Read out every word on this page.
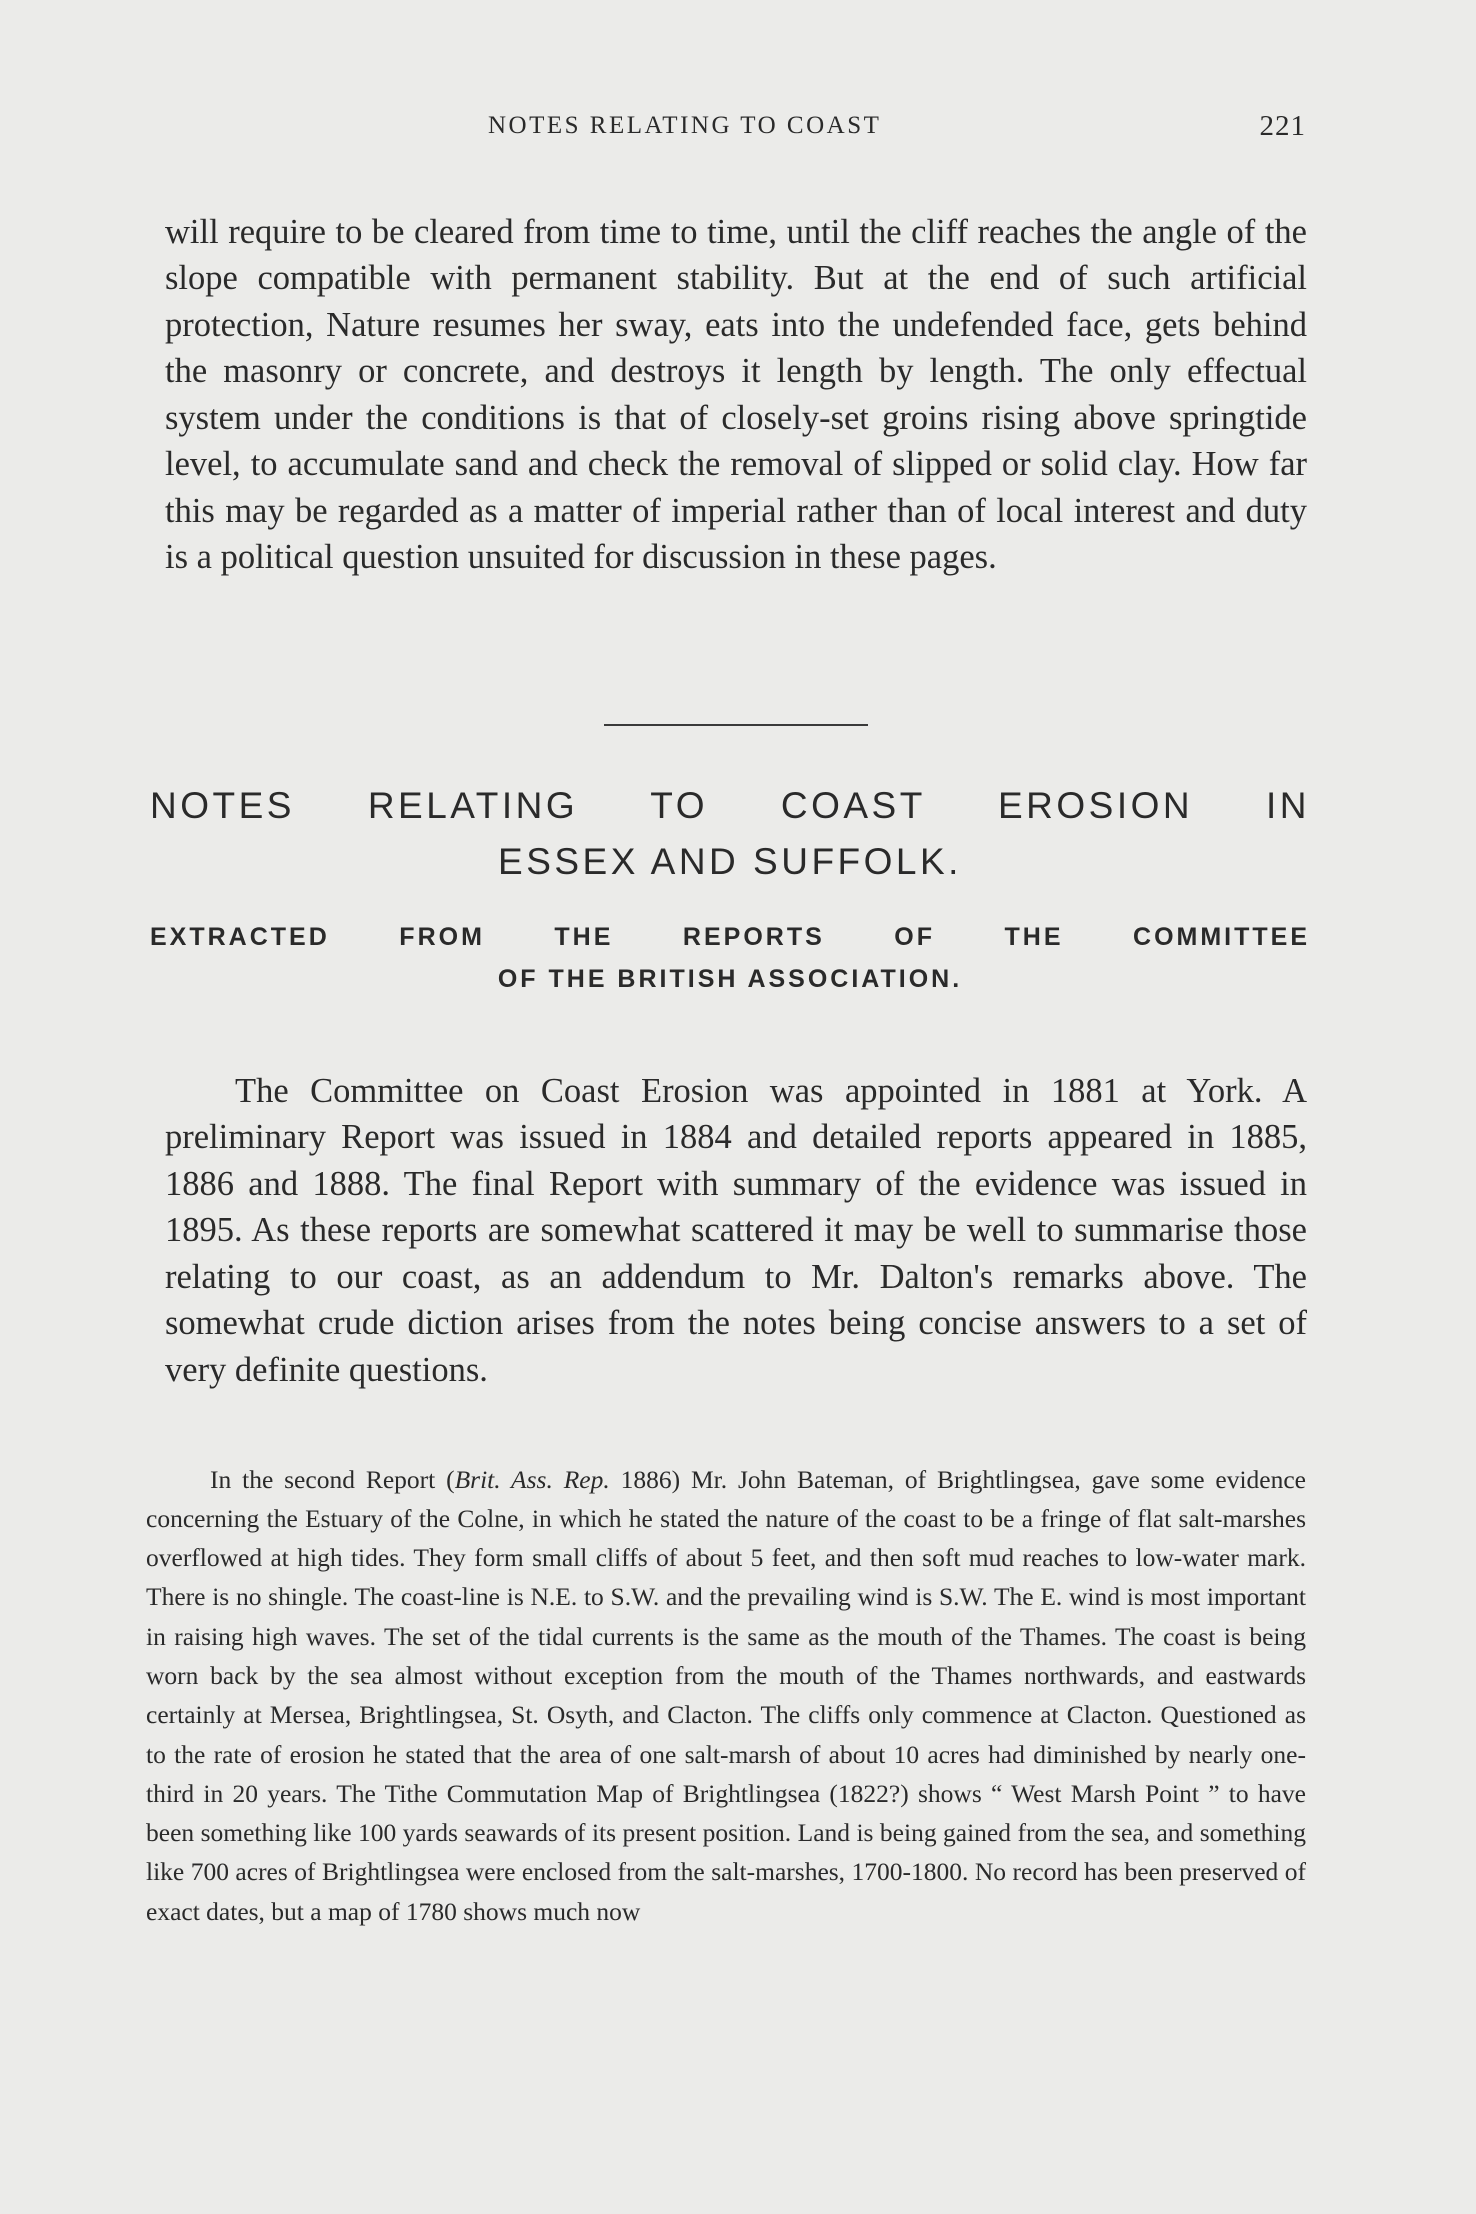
NOTES RELATING TO COAST	221

will require to be cleared from time to time, until the cliff reaches the angle of the slope compatible with permanent stability. But at the end of such artificial protection, Nature resumes her sway, eats into the undefended face, gets behind the masonry or concrete, and destroys it length by length. The only effectual system under the conditions is that of closely-set groins rising above springtide level, to accumulate sand and check the removal of slipped or solid clay. How far this may be regarded as a matter of imperial rather than of local interest and duty is a political question unsuited for discussion in these pages.

NOTES RELATING TO COAST EROSION IN
ESSEX AND SUFFOLK.
EXTRACTED FROM THE REPORTS OF THE COMMITTEE
OF THE BRITISH ASSOCIATION.

The Committee on Coast Erosion was appointed in 1881 at York. A preliminary Report was issued in 1884 and detailed reports appeared in 1885, 1886 and 1888. The final Report with summary of the evidence was issued in 1895. As these reports are somewhat scattered it may be well to summarise those relating to our coast, as an addendum to Mr. Dalton's remarks above. The somewhat crude diction arises from the notes being concise answers to a set of very definite questions.

In the second Report (Brit. Ass. Rep. 1886) Mr. John Bateman, of Brightlingsea, gave some evidence concerning the Estuary of the Colne, in which he stated the nature of the coast to be a fringe of flat salt-marshes overflowed at high tides. They form small cliffs of about 5 feet, and then soft mud reaches to low-water mark. There is no shingle. The coast-line is N.E. to S.W. and the prevailing wind is S.W. The E. wind is most important in raising high waves. The set of the tidal currents is the same as the mouth of the Thames. The coast is being worn back by the sea almost without exception from the mouth of the Thames northwards, and eastwards certainly at Mersea, Brightlingsea, St. Osyth, and Clacton. The cliffs only commence at Clacton. Questioned as to the rate of erosion he stated that the area of one salt-marsh of about 10 acres had diminished by nearly one-third in 20 years. The Tithe Commutation Map of Brightlingsea (1822?) shows “ West Marsh Point ” to have been something like 100 yards seawards of its present position. Land is being gained from the sea, and something like 700 acres of Brightlingsea were enclosed from the salt-marshes, 1700-1800. No record has been preserved of exact dates, but a map of 1780 shows much now
